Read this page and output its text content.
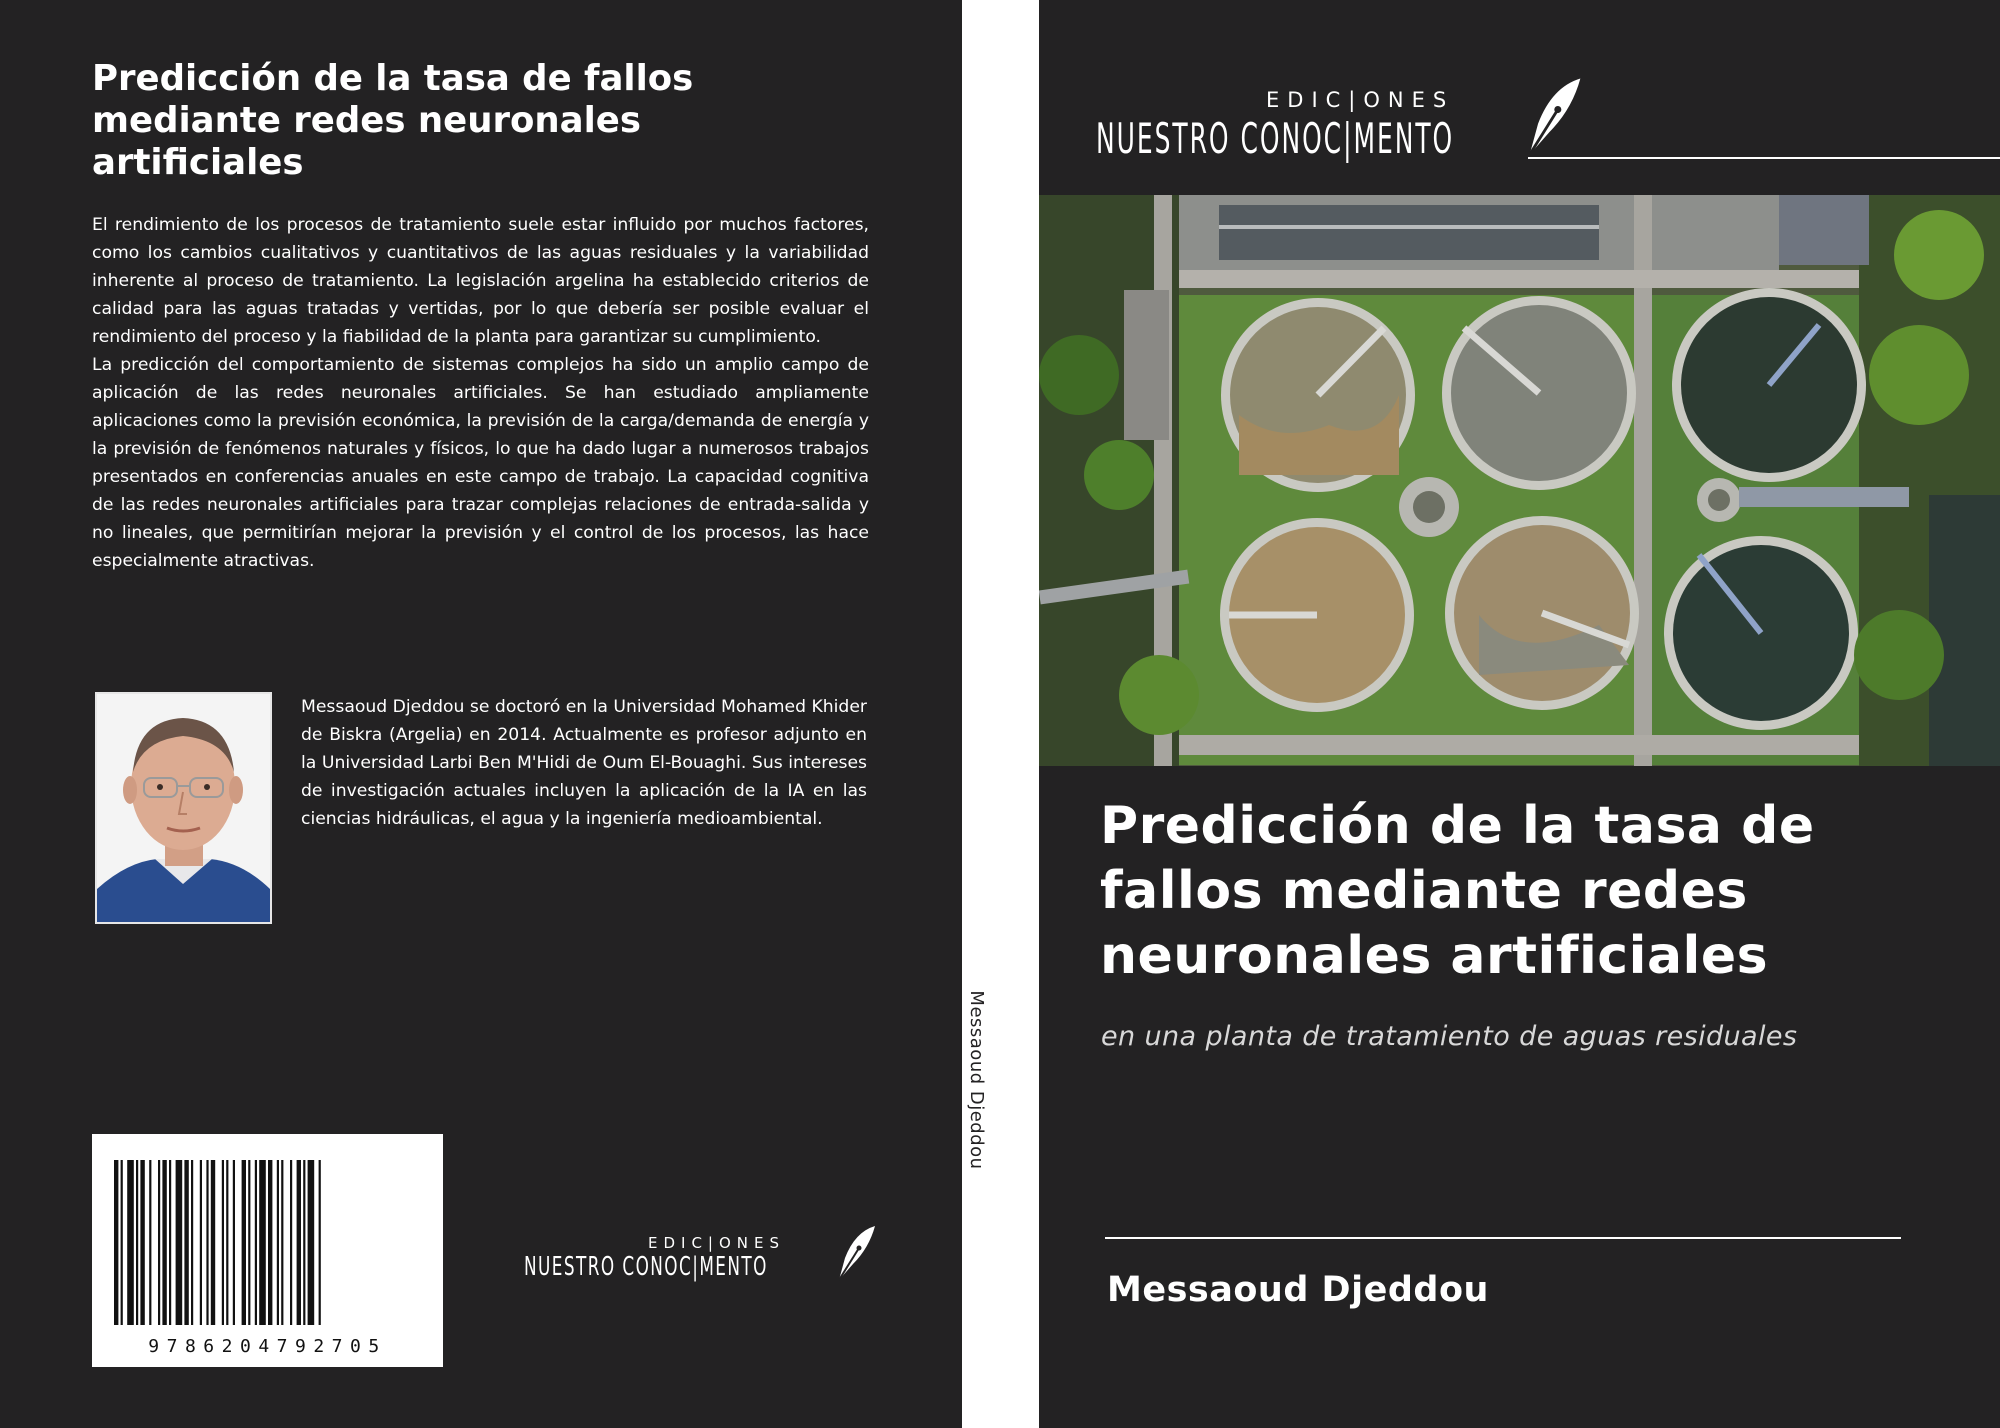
Predicción de la tasa de fallos mediante redes neuronales artificiales

El rendimiento de los procesos de tratamiento suele estar influido por muchos factores, como los cambios cualitativos y cuantitativos de las aguas residuales y la variabilidad inherente al proceso de tratamiento. La legislación argelina ha establecido criterios de calidad para las aguas tratadas y vertidas, por lo que debería ser posible evaluar el rendimiento del proceso y la fiabilidad de la planta para garantizar su cumplimiento.

La predicción del comportamiento de sistemas complejos ha sido un amplio campo de aplicación de las redes neuronales artificiales. Se han estudiado ampliamente aplicaciones como la previsión económica, la previsión de la carga/demanda de energía y la previsión de fenómenos naturales y físicos, lo que ha dado lugar a numerosos trabajos presentados en conferencias anuales en este campo de trabajo. La capacidad cognitiva de las redes neuronales artificiales para trazar complejas relaciones de entrada-salida y no lineales, que permitirían mejorar la previsión y el control de los procesos, las hace especialmente atractivas.

Messaoud Djeddou se doctoró en la Universidad Mohamed Khider de Biskra (Argelia) en 2014. Actualmente es profesor adjunto en la Universidad Larbi Ben M'Hidi de Oum El-Bouaghi. Sus intereses de investigación actuales incluyen la aplicación de la IA en las ciencias hidráulicas, el agua y la ingeniería medioambiental.
9786204792705
EDIC|ONES
NUESTRO CONOC|MENTO
Messaoud Djeddou
EDIC|ONES
NUESTRO CONOC|MENTO
Predicción de la tasa de fallos mediante redes neuronales artificiales
en una planta de tratamiento de aguas residuales
Messaoud Djeddou
